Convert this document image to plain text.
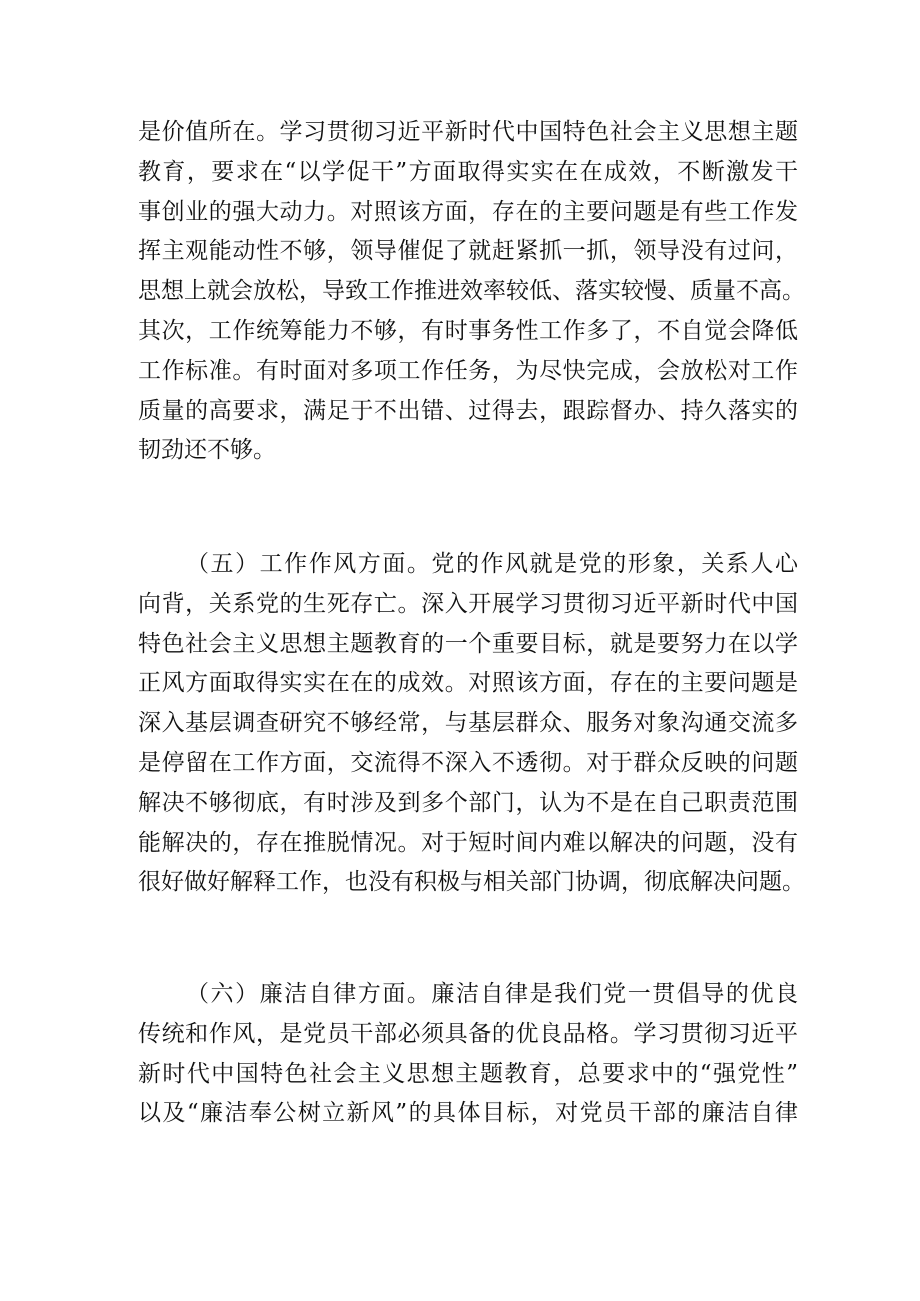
是价值所在。学习贯彻习近平新时代中国特色社会主义思想主题
教育，要求在“以学促干”方面取得实实在在成效，不断激发干
事创业的强大动力。对照该方面，存在的主要问题是有些工作发
挥主观能动性不够，领导催促了就赶紧抓一抓，领导没有过问，
思想上就会放松，导致工作推进效率较低、落实较慢、质量不高。
其次，工作统筹能力不够，有时事务性工作多了，不自觉会降低
工作标准。有时面对多项工作任务，为尽快完成，会放松对工作
质量的高要求，满足于不出错、过得去，跟踪督办、持久落实的
韧劲还不够。
（五）工作作风方面。党的作风就是党的形象，关系人心
向背，关系党的生死存亡。深入开展学习贯彻习近平新时代中国
特色社会主义思想主题教育的一个重要目标，就是要努力在以学
正风方面取得实实在在的成效。对照该方面，存在的主要问题是
深入基层调查研究不够经常，与基层群众、服务对象沟通交流多
是停留在工作方面，交流得不深入不透彻。对于群众反映的问题
解决不够彻底，有时涉及到多个部门，认为不是在自己职责范围
能解决的，存在推脱情况。对于短时间内难以解决的问题，没有
很好做好解释工作，也没有积极与相关部门协调，彻底解决问题。
（六）廉洁自律方面。廉洁自律是我们党一贯倡导的优良
传统和作风，是党员干部必须具备的优良品格。学习贯彻习近平
新时代中国特色社会主义思想主题教育，总要求中的“强党性”
以及“廉洁奉公树立新风”的具体目标，对党员干部的廉洁自律
